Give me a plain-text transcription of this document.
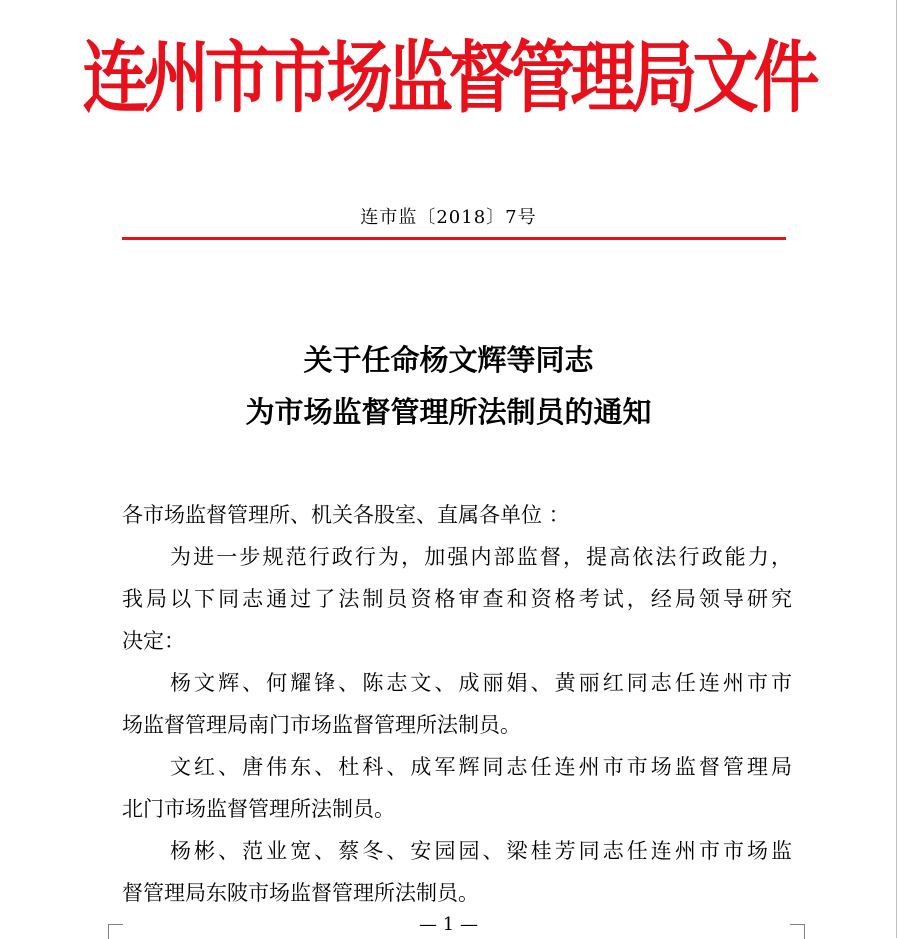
连州市市场监督管理局文件
连市监〔2018〕7号
关于任命杨文辉等同志
为市场监督管理所法制员的通知
各市场监督管理所、机关各股室、直属各单位 ：
为进一步规范行政行为，加强内部监督，提高依法行政能力，
我局以下同志通过了法制员资格审查和资格考试，经局领导研究
决定：
杨文辉、何耀锋、陈志文、成丽娟、黄丽红同志任连州市市
场监督管理局南门市场监督管理所法制员。
文红、唐伟东、杜科、成军辉同志任连州市市场监督管理局
北门市场监督管理所法制员。
杨彬、范业宽、蔡冬、安园园、梁桂芳同志任连州市市场监
督管理局东陂市场监督管理所法制员。
— 1 —
